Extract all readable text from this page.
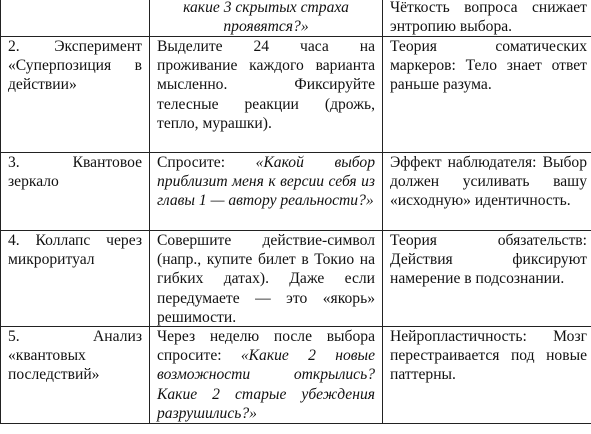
	какие 3 скрытых страха проявятся?»	Чёткость вопроса снижает энтропию выбора.

2. Эксперимент «Суперпозиция в действии»	Выделите 24 часа на проживание каждого варианта мысленно. Фиксируйте телесные реакции (дрожь, тепло, мурашки).	Теория соматических маркеров: Тело знает ответ раньше разума.

3. Квантовое зеркало	Спросите: «Какой выбор приблизит меня к версии себя из главы 1 — автору реальности?»	Эффект наблюдателя: Выбор должен усиливать вашу «исходную» идентичность.

4. Коллапс через микроритуал	Совершите действие-символ (напр., купите билет в Токио на гибких датах). Даже если передумаете — это «якорь» решимости.	Теория обязательств: Действия фиксируют намерение в подсознании.

5. Анализ «квантовых последствий»	Через неделю после выбора спросите: «Какие 2 новые возможности открылись? Какие 2 старые убеждения разрушились?»	Нейропластичность: Мозг перестраивается под новые паттерны.
